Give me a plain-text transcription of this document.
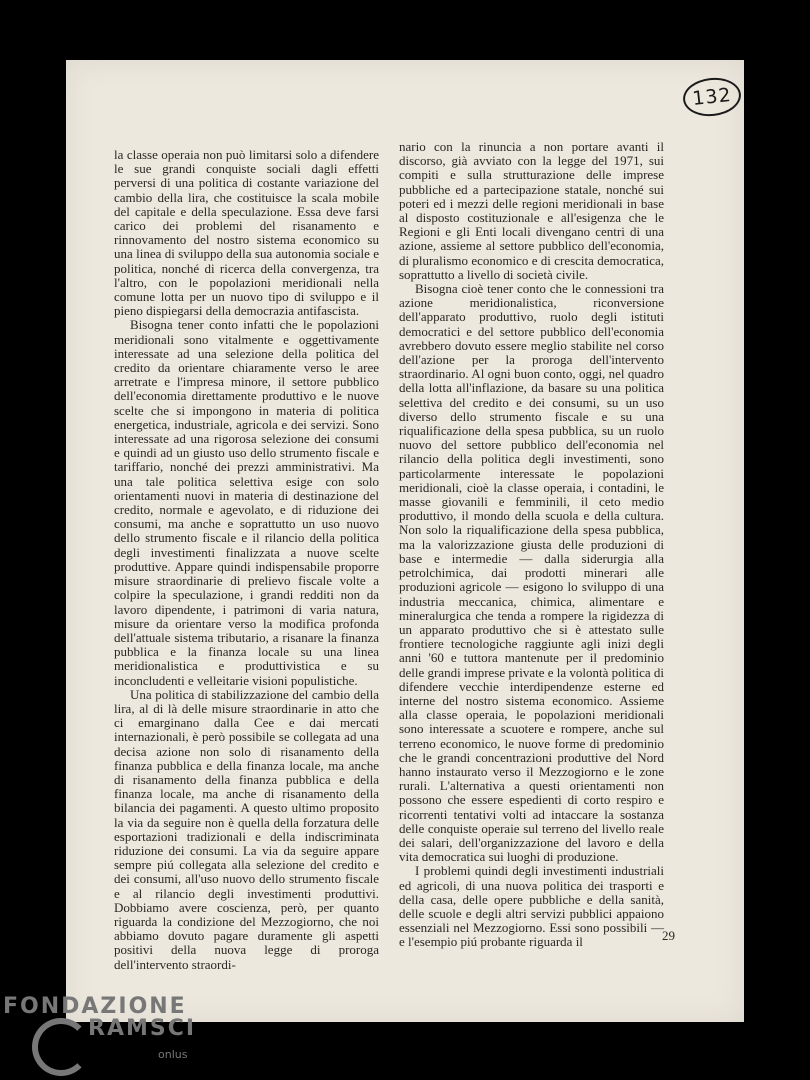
132

la classe operaia non può limitarsi solo a difendere le sue grandi conquiste sociali dagli effetti perversi di una politica di costante variazione del cambio della lira, che costituisce la scala mobile del capitale e della speculazione. Essa deve farsi carico dei problemi del risanamento e rinnovamento del nostro sistema economico su una linea di sviluppo della sua autonomia sociale e politica, nonché di ricerca della convergenza, tra l'altro, con le popolazioni meridionali nella comune lotta per un nuovo tipo di sviluppo e il pieno dispiegarsi della democrazia antifascista.

Bisogna tener conto infatti che le popolazioni meridionali sono vitalmente e oggettivamente interessate ad una selezione della politica del credito da orientare chiaramente verso le aree arretrate e l'impresa minore, il settore pubblico dell'economia direttamente produttivo e le nuove scelte che si impongono in materia di politica energetica, industriale, agricola e dei servizi. Sono interessate ad una rigorosa selezione dei consumi e quindi ad un giusto uso dello strumento fiscale e tariffario, nonché dei prezzi amministrativi. Ma una tale politica selettiva esige con solo orientamenti nuovi in materia di destinazione del credito, normale e agevolato, e di riduzione dei consumi, ma anche e soprattutto un uso nuovo dello strumento fiscale e il rilancio della politica degli investimenti finalizzata a nuove scelte produttive. Appare quindi indispensabile proporre misure straordinarie di prelievo fiscale volte a colpire la speculazione, i grandi redditi non da lavoro dipendente, i patrimoni di varia natura, misure da orientare verso la modifica profonda dell'attuale sistema tributario, a risanare la finanza pubblica e la finanza locale su una linea meridionalistica e produttivistica e su inconcludenti e velleitarie visioni populistiche.

Una politica di stabilizzazione del cambio della lira, al di là delle misure straordinarie in atto che ci emarginano dalla Cee e dai mercati internazionali, è però possibile se collegata ad una decisa azione non solo di risanamento della finanza pubblica e della finanza locale, ma anche di risanamento della finanza pubblica e della finanza locale, ma anche di risanamento della bilancia dei pagamenti. A questo ultimo proposito la via da seguire non è quella della forzatura delle esportazioni tradizionali e della indiscriminata riduzione dei consumi. La via da seguire appare sempre piú collegata alla selezione del credito e dei consumi, all'uso nuovo dello strumento fiscale e al rilancio degli investimenti produttivi. Dobbiamo avere coscienza, però, per quanto riguarda la condizione del Mezzogiorno, che noi abbiamo dovuto pagare duramente gli aspetti positivi della nuova legge di proroga dell'intervento straordi-

nario con la rinuncia a non portare avanti il discorso, già avviato con la legge del 1971, sui compiti e sulla strutturazione delle imprese pubbliche ed a partecipazione statale, nonché sui poteri ed i mezzi delle regioni meridionali in base al disposto costituzionale e all'esigenza che le Regioni e gli Enti locali divengano centri di una azione, assieme al settore pubblico dell'economia, di pluralismo economico e di crescita democratica, soprattutto a livello di società civile.

Bisogna cioè tener conto che le connessioni tra azione meridionalistica, riconversione dell'apparato produttivo, ruolo degli istituti democratici e del settore pubblico dell'economia avrebbero dovuto essere meglio stabilite nel corso dell'azione per la proroga dell'intervento straordinario. Al ogni buon conto, oggi, nel quadro della lotta all'inflazione, da basare su una politica selettiva del credito e dei consumi, su un uso diverso dello strumento fiscale e su una riqualificazione della spesa pubblica, su un ruolo nuovo del settore pubblico dell'economia nel rilancio della politica degli investimenti, sono particolarmente interessate le popolazioni meridionali, cioè la classe operaia, i contadini, le masse giovanili e femminili, il ceto medio produttivo, il mondo della scuola e della cultura. Non solo la riqualificazione della spesa pubblica, ma la valorizzazione giusta delle produzioni di base e intermedie — dalla siderurgia alla petrolchimica, dai prodotti minerari alle produzioni agricole — esigono lo sviluppo di una industria meccanica, chimica, alimentare e mineralurgica che tenda a rompere la rigidezza di un apparato produttivo che si è attestato sulle frontiere tecnologiche raggiunte agli inizi degli anni '60 e tuttora mantenute per il predominio delle grandi imprese private e la volontà politica di difendere vecchie interdipendenze esterne ed interne del nostro sistema economico. Assieme alla classe operaia, le popolazioni meridionali sono interessate a scuotere e rompere, anche sul terreno economico, le nuove forme di predominio che le grandi concentrazioni produttive del Nord hanno instaurato verso il Mezzogiorno e le zone rurali. L'alternativa a questi orientamenti non possono che essere espedienti di corto respiro e ricorrenti tentativi volti ad intaccare la sostanza delle conquiste operaie sul terreno del livello reale dei salari, dell'organizzazione del lavoro e della vita democratica sui luoghi di produzione.

I problemi quindi degli investimenti industriali ed agricoli, di una nuova politica dei trasporti e della casa, delle opere pubbliche e della sanità, delle scuole e degli altri servizi pubblici appaiono essenziali nel Mezzogiorno. Essi sono possibili — e l'esempio piú probante riguarda il	29
FONDAZIONE
RAMSCI
onlus
